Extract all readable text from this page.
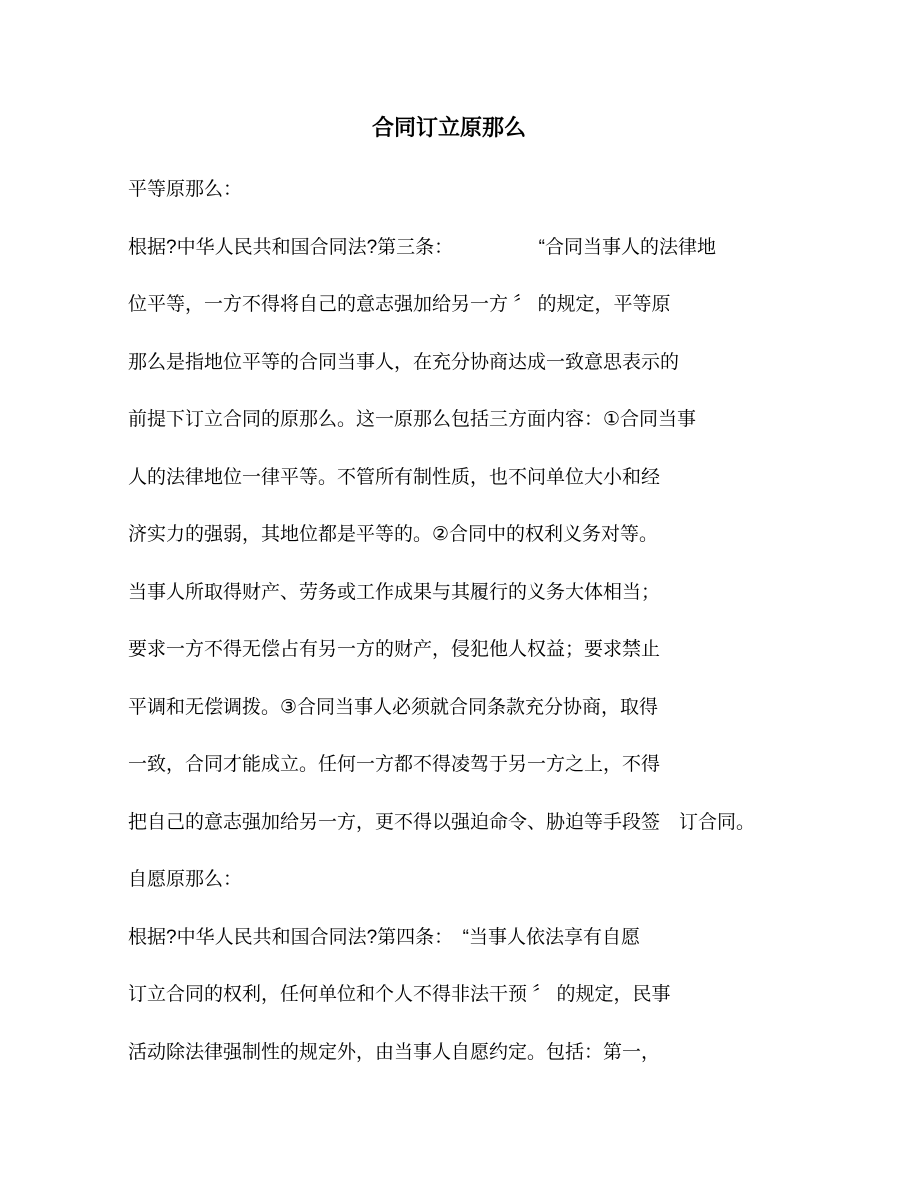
合同订立原那么

平等原那么：

根据?中华人民共和国合同法?第三条：　　　　　“合同当事人的法律地

位平等，一方不得将自己的意志强加给另一方 〞 的规定，平等原

那么是指地位平等的合同当事人，在充分协商达成一致意思表示的

前提下订立合同的原那么。这一原那么包括三方面内容：①合同当事

人的法律地位一律平等。不管所有制性质，也不问单位大小和经

济实力的强弱，其地位都是平等的。②合同中的权利义务对等。

当事人所取得财产、劳务或工作成果与其履行的义务大体相当；

要求一方不得无偿占有另一方的财产，侵犯他人权益；要求禁止

平调和无偿调拨。③合同当事人必须就合同条款充分协商，取得

一致，合同才能成立。任何一方都不得凌驾于另一方之上，不得

把自己的意志强加给另一方，更不得以强迫命令、胁迫等手段签　订合同。

自愿原那么：

根据?中华人民共和国合同法?第四条：　“当事人依法享有自愿

订立合同的权利，任何单位和个人不得非法干预 〞 的规定，民事

活动除法律强制性的规定外，由当事人自愿约定。包括：第一，
